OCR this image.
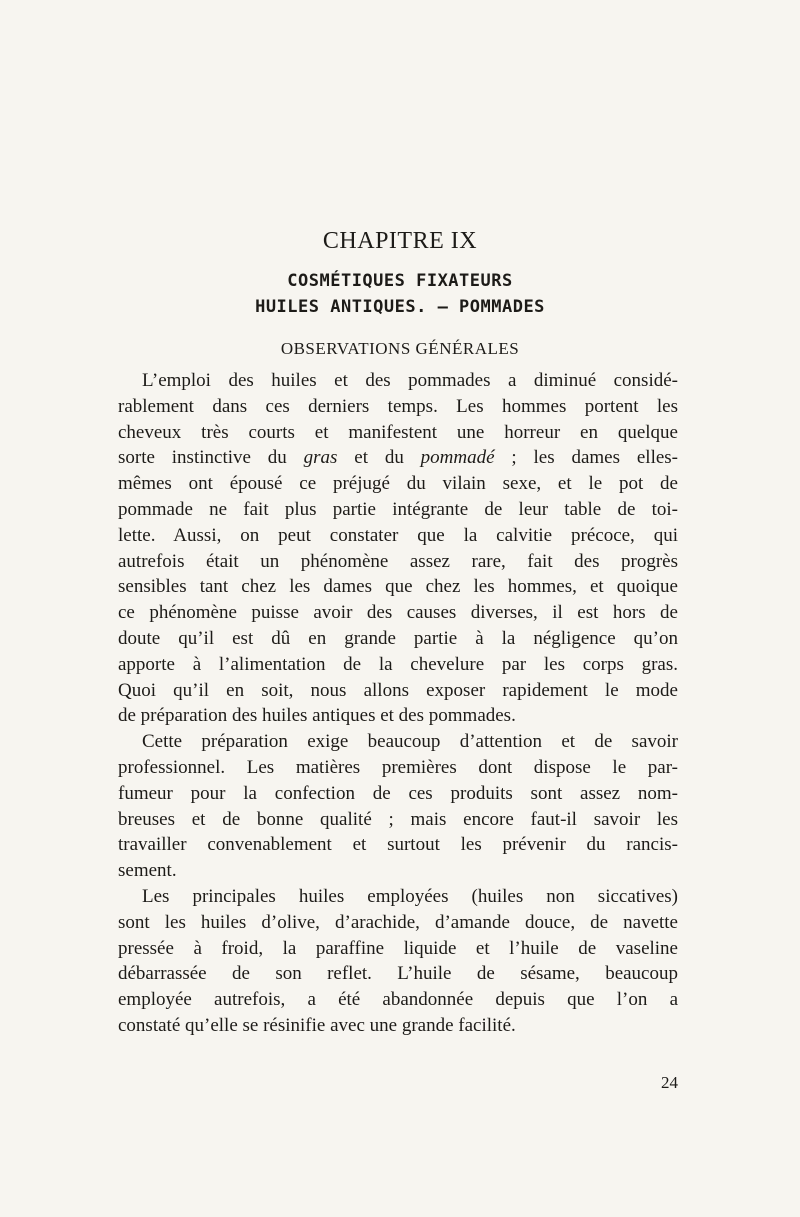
CHAPITRE IX
COSMÉTIQUES FIXATEURS
HUILES ANTIQUES. — POMMADES
OBSERVATIONS GÉNÉRALES
L’emploi des huiles et des pommades a diminué considé-
rablement dans ces derniers temps. Les hommes portent les
cheveux très courts et manifestent une horreur en quelque
sorte instinctive du gras et du pommadé ; les dames elles-
mêmes ont épousé ce préjugé du vilain sexe, et le pot de
pommade ne fait plus partie intégrante de leur table de toi-
lette. Aussi, on peut constater que la calvitie précoce, qui
autrefois était un phénomène assez rare, fait des progrès
sensibles tant chez les dames que chez les hommes, et quoique
ce phénomène puisse avoir des causes diverses, il est hors de
doute qu’il est dû en grande partie à la négligence qu’on
apporte à l’alimentation de la chevelure par les corps gras.
Quoi qu’il en soit, nous allons exposer rapidement le mode
de préparation des huiles antiques et des pommades.
Cette préparation exige beaucoup d’attention et de savoir
professionnel. Les matières premières dont dispose le par-
fumeur pour la confection de ces produits sont assez nom-
breuses et de bonne qualité ; mais encore faut-il savoir les
travailler convenablement et surtout les prévenir du rancis-
sement.
Les principales huiles employées (huiles non siccatives)
sont les huiles d’olive, d’arachide, d’amande douce, de navette
pressée à froid, la paraffine liquide et l’huile de vaseline
débarrassée de son reflet. L’huile de sésame, beaucoup
employée autrefois, a été abandonnée depuis que l’on a
constaté qu’elle se résinifie avec une grande facilité.
24
